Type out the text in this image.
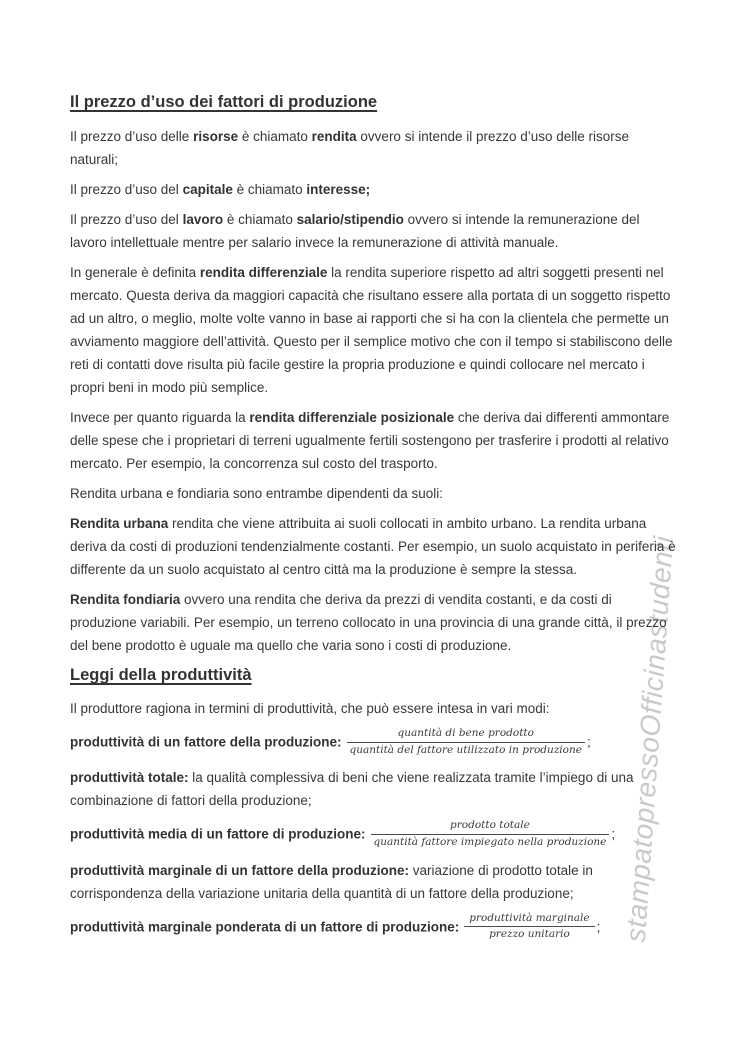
stampatopressoOfficinastudenti
Il prezzo d’uso dei fattori di produzione

Il prezzo d’uso delle risorse è chiamato rendita ovvero si intende il prezzo d’uso delle risorse naturali;

Il prezzo d’uso del capitale è chiamato interesse;

Il prezzo d’uso del lavoro è chiamato salario/stipendio ovvero si intende la remunerazione del lavoro intellettuale mentre per salario invece la remunerazione di attività manuale.

In generale è definita rendita differenziale la rendita superiore rispetto ad altri soggetti presenti nel mercato. Questa deriva da maggiori capacità che risultano essere alla portata di un soggetto rispetto ad un altro, o meglio, molte volte vanno in base ai rapporti che si ha con la clientela che permette un avviamento maggiore dell’attività. Questo per il semplice motivo che con il tempo si stabiliscono delle reti di contatti dove risulta più facile gestire la propria produzione e quindi collocare nel mercato i propri beni in modo più semplice.

Invece per quanto riguarda la rendita differenziale posizionale che deriva dai differenti ammontare delle spese che i proprietari di terreni ugualmente fertili sostengono per trasferire i prodotti al relativo mercato. Per esempio, la concorrenza sul costo del trasporto.

Rendita urbana e fondiaria sono entrambe dipendenti da suoli:

Rendita urbana rendita che viene attribuita ai suoli collocati in ambito urbano. La rendita urbana deriva da costi di produzioni tendenzialmente costanti. Per esempio, un suolo acquistato in periferia è differente da un suolo acquistato al centro città ma la produzione è sempre la stessa.

Rendita fondiaria ovvero una rendita che deriva da prezzi di vendita costanti, e da costi di produzione variabili. Per esempio, un terreno collocato in una provincia di una grande città, il prezzo del bene prodotto è uguale ma quello che varia sono i costi di produzione.

Leggi della produttività

Il produttore ragiona in termini di produttività, che può essere intesa in vari modi:

produttività di un fattore della produzione: $\frac{\text{quantità di bene prodotto}}{\text{quantità del fattore utilizzato in produzione}}$ ;

produttività totale: la qualità complessiva di beni che viene realizzata tramite l’impiego di una combinazione di fattori della produzione;

produttività media di un fattore di produzione: $\frac{\text{prodotto totale}}{\text{quantità fattore impiegato nella produzione}}$ ;

produttività marginale di un fattore della produzione: variazione di prodotto totale in corrispondenza della variazione unitaria della quantità di un fattore della produzione;

produttività marginale ponderata di un fattore di produzione: $\frac{\text{produttività marginale}}{\text{prezzo unitario}}$ ;
